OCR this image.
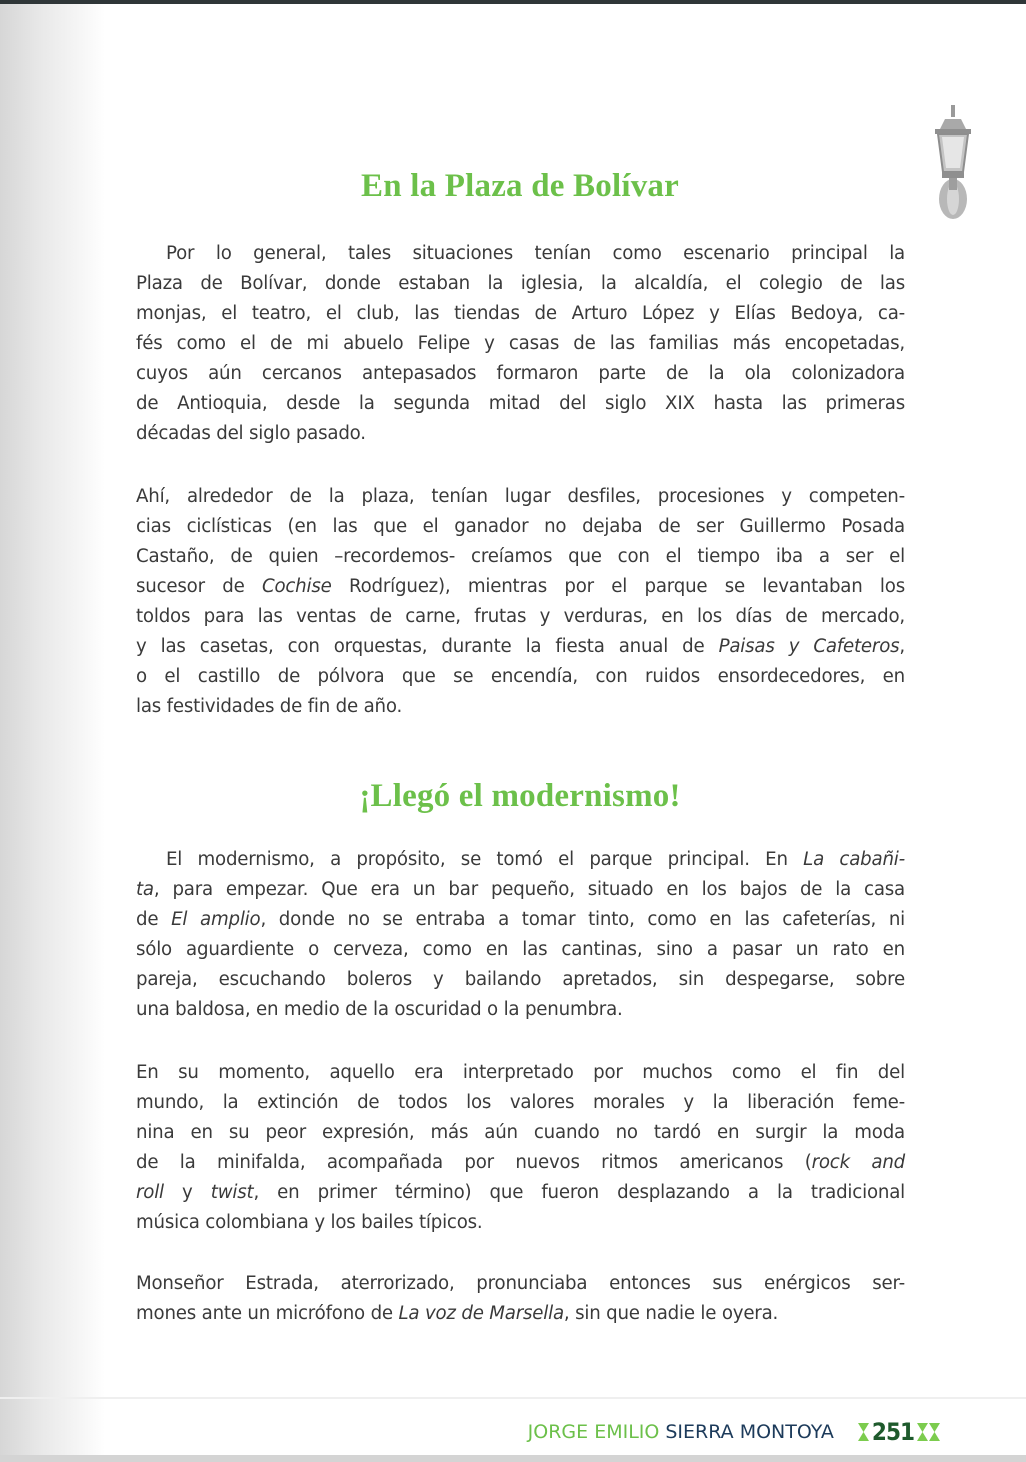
En la Plaza de Bolívar
¡Llegó el modernismo!
Por lo general, tales situaciones tenían como escenario principal la
Plaza de Bolívar, donde estaban la iglesia, la alcaldía, el colegio de las
monjas, el teatro, el club, las tiendas de Arturo López y Elías Bedoya, ca-
fés como el de mi abuelo Felipe y casas de las familias más encopetadas,
cuyos aún cercanos antepasados formaron parte de la ola colonizadora
de Antioquia, desde la segunda mitad del siglo XIX hasta las primeras
décadas del siglo pasado.
Ahí, alrededor de la plaza, tenían lugar desfiles, procesiones y competen-
cias ciclísticas (en las que el ganador no dejaba de ser Guillermo Posada
Castaño, de quien –recordemos- creíamos que con el tiempo iba a ser el
sucesor de Cochise Rodríguez), mientras por el parque se levantaban los
toldos para las ventas de carne, frutas y verduras, en los días de mercado,
y las casetas, con orquestas, durante la fiesta anual de Paisas y Cafeteros,
o el castillo de pólvora que se encendía, con ruidos ensordecedores, en
las festividades de fin de año.
El modernismo, a propósito, se tomó el parque principal. En La cabañi-
ta, para empezar. Que era un bar pequeño, situado en los bajos de la casa
de El amplio, donde no se entraba a tomar tinto, como en las cafeterías, ni
sólo aguardiente o cerveza, como en las cantinas, sino a pasar un rato en
pareja, escuchando boleros y bailando apretados, sin despegarse, sobre
una baldosa, en medio de la oscuridad o la penumbra.
En su momento, aquello era interpretado por muchos como el fin del
mundo, la extinción de todos los valores morales y la liberación feme-
nina en su peor expresión, más aún cuando no tardó en surgir la moda
de la minifalda, acompañada por nuevos ritmos americanos (rock and
roll y twist, en primer término) que fueron desplazando a la tradicional
música colombiana y los bailes típicos.
Monseñor Estrada, aterrorizado, pronunciaba entonces sus enérgicos ser-
mones ante un micrófono de La voz de Marsella, sin que nadie le oyera.
JORGE EMILIO SIERRA MONTOYA 251
